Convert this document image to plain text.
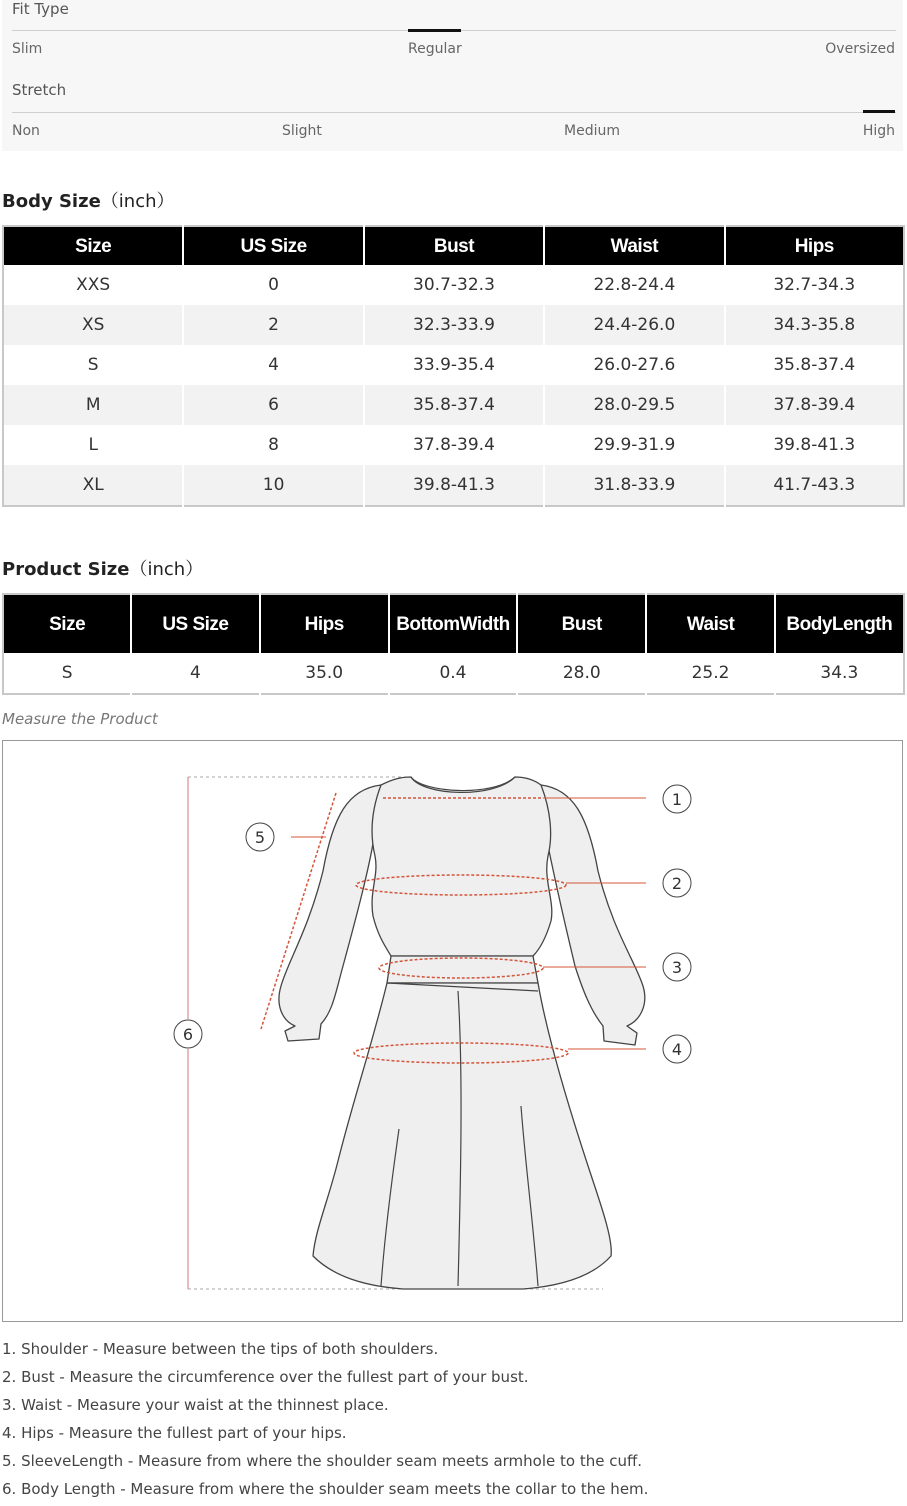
Fit Type
Slim	Regular	Oversized
Stretch
Non	Slight	Medium	High
Body Size（inch）
Size	US Size	Bust	Waist	Hips
XXS	0	30.7-32.3	22.8-24.4	32.7-34.3
XS	2	32.3-33.9	24.4-26.0	34.3-35.8
S	4	33.9-35.4	26.0-27.6	35.8-37.4
M	6	35.8-37.4	28.0-29.5	37.8-39.4
L	8	37.8-39.4	29.9-31.9	39.8-41.3
XL	10	39.8-41.3	31.8-33.9	41.7-43.3
Product Size（inch）
Size	US Size	Hips	BottomWidth	Bust	Waist	BodyLength
S	4	35.0	0.4	28.0	25.2	34.3
Measure the Product
1
2
3
4
5
6
1. Shoulder - Measure between the tips of both shoulders.
2. Bust - Measure the circumference over the fullest part of your bust.
3. Waist - Measure your waist at the thinnest place.
4. Hips - Measure the fullest part of your hips.
5. SleeveLength - Measure from where the shoulder seam meets armhole to the cuff.
6. Body Length - Measure from where the shoulder seam meets the collar to the hem.
